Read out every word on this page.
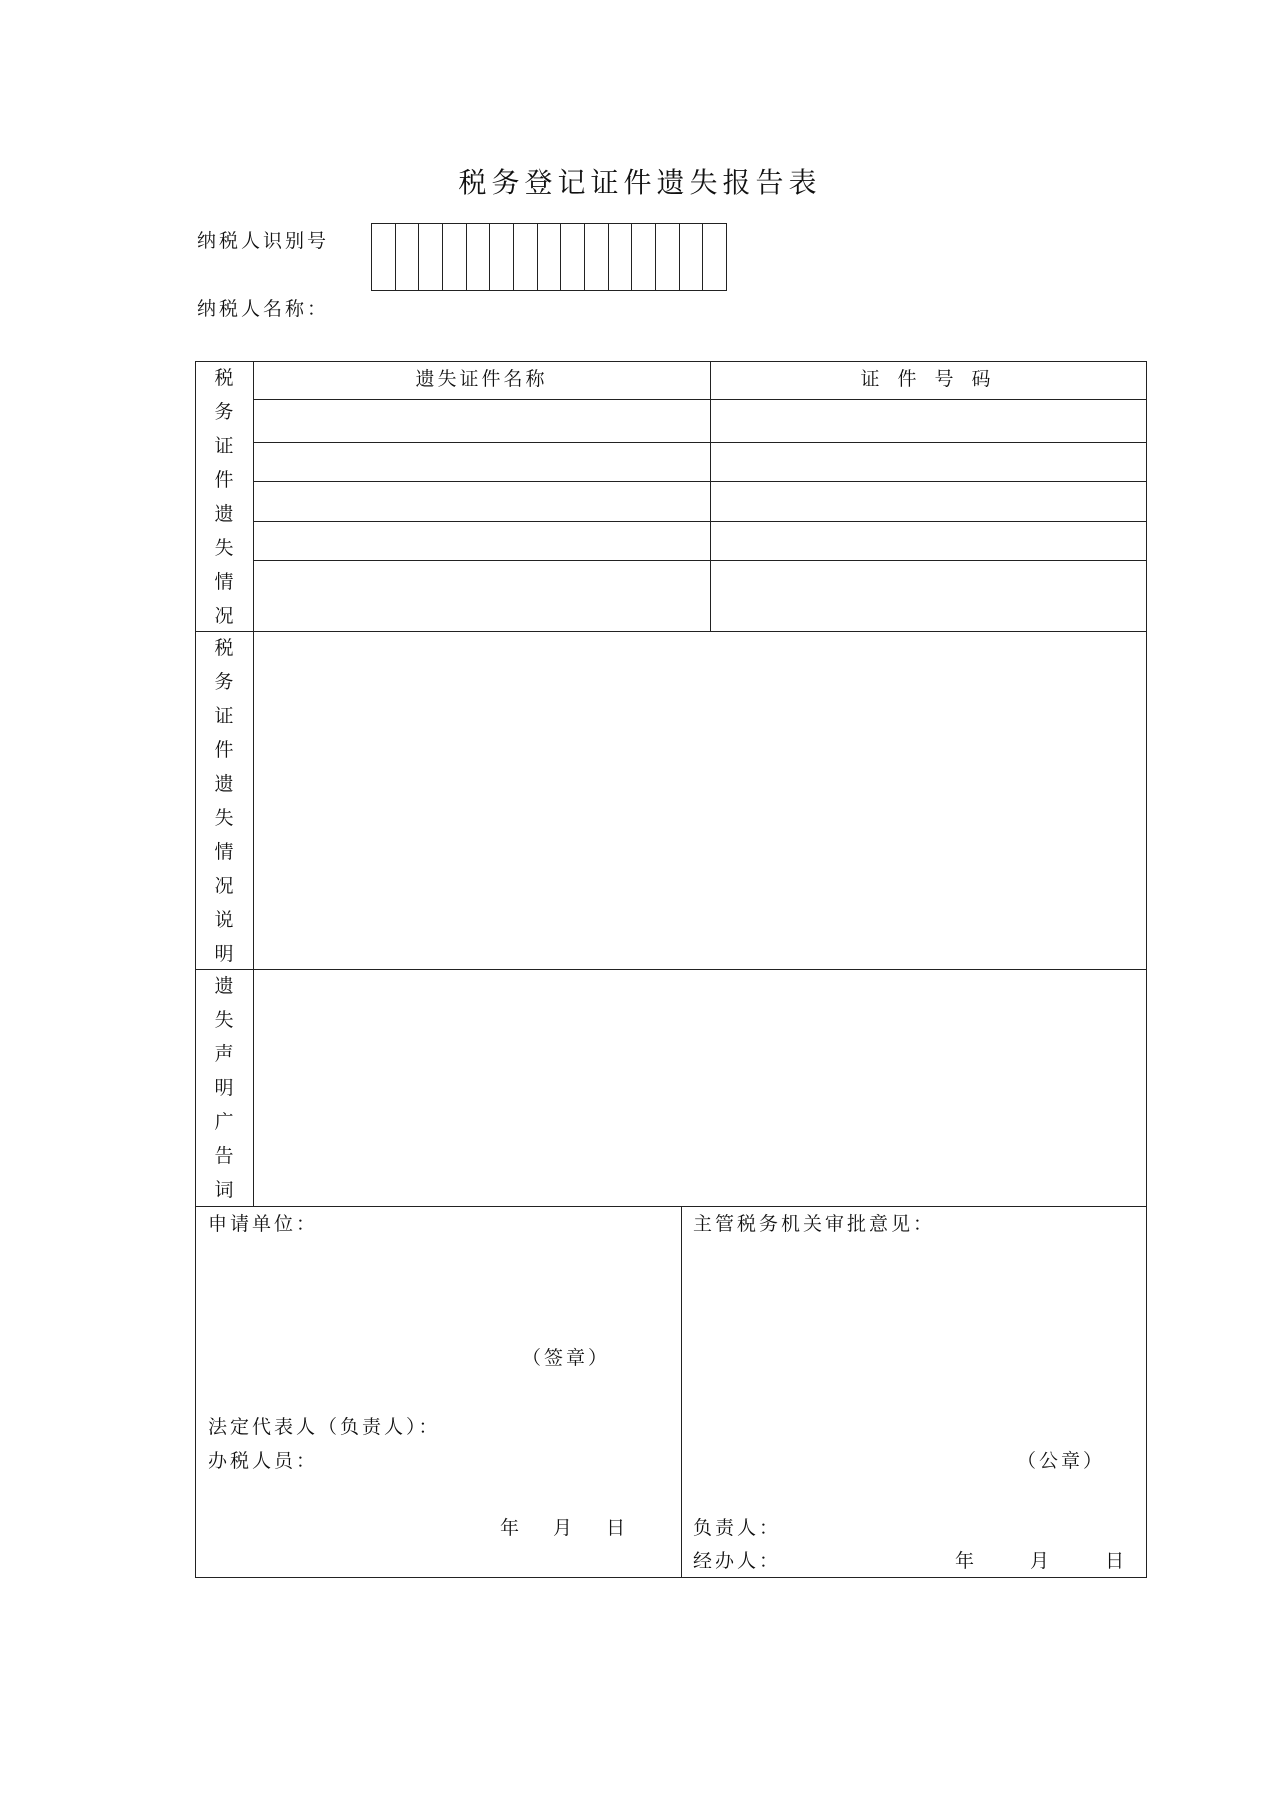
税务登记证件遗失报告表
纳税人识别号
纳税人名称：
遗失证件名称	证 件 号 码
税
务
证
件
遗
失
情
况
税
务
证
件
遗
失
情
况
说
明
遗
失
声
明
广
告
词
申请单位：
（签章）
法定代表人（负责人）：
办税人员：
年　 月　 日
主管税务机关审批意见：
（公章）
负责人：
经办人：	年　　 月　　 日
